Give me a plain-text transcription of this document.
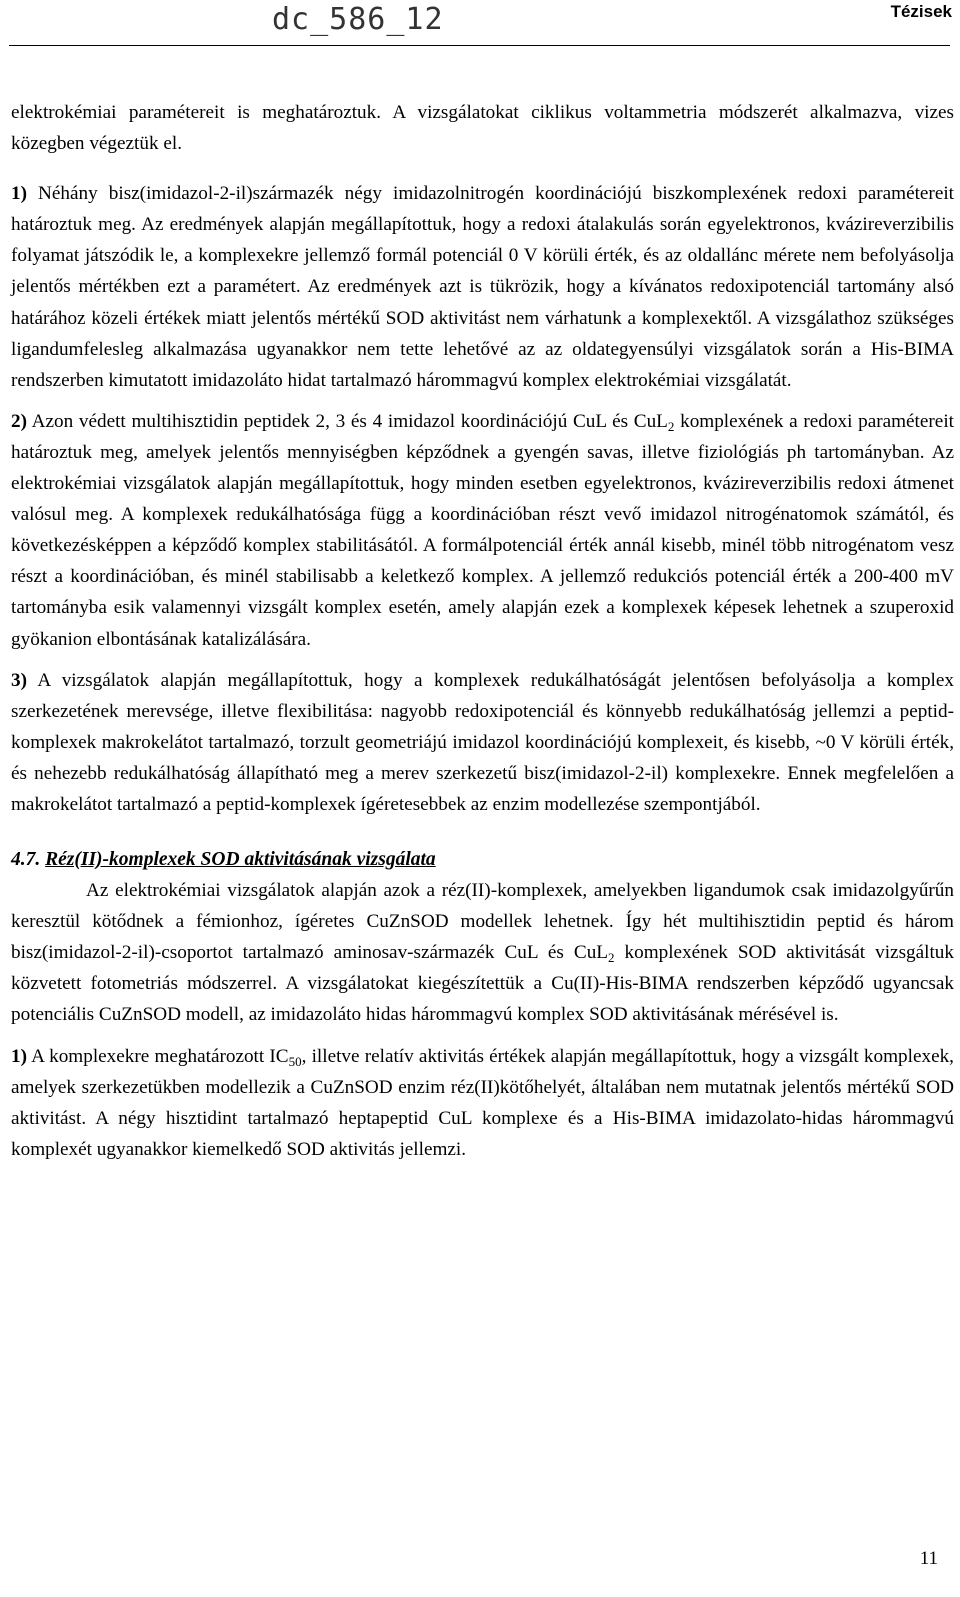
dc_586_12	Tézisek

elektrokémiai paramétereit is meghatároztuk. A vizsgálatokat ciklikus voltammetria módszerét alkalmazva, vizes közegben végeztük el.

1) Néhány bisz(imidazol-2-il)származék négy imidazolnitrogén koordinációjú biszkomplexének redoxi paramétereit határoztuk meg. Az eredmények alapján megállapítottuk, hogy a redoxi átalakulás során egyelektronos, kvázireverzibilis folyamat játszódik le, a komplexekre jellemző formál potenciál 0 V körüli érték, és az oldallánc mérete nem befolyásolja jelentős mértékben ezt a paramétert. Az eredmények azt is tükrözik, hogy a kívánatos redoxipotenciál tartomány alsó határához közeli értékek miatt jelentős mértékű SOD aktivitást nem várhatunk a komplexektől. A vizsgálathoz szükséges ligandumfelesleg alkalmazása ugyanakkor nem tette lehetővé az az oldategyensúlyi vizsgálatok során a His-BIMA rendszerben kimutatott imidazoláto hidat tartalmazó hárommagvú komplex elektrokémiai vizsgálatát.

2) Azon védett multihisztidin peptidek 2, 3 és 4 imidazol koordinációjú CuL és CuL$_2$ komplexének a redoxi paramétereit határoztuk meg, amelyek jelentős mennyiségben képződnek a gyengén savas, illetve fiziológiás ph tartományban. Az elektrokémiai vizsgálatok alapján megállapítottuk, hogy minden esetben egyelektronos, kvázireverzibilis redoxi átmenet valósul meg. A komplexek redukálhatósága függ a koordinációban részt vevő imidazol nitrogénatomok számától, és következésképpen a képződő komplex stabilitásától. A formálpotenciál érték annál kisebb, minél több nitrogénatom vesz részt a koordinációban, és minél stabilisabb a keletkező komplex. A jellemző redukciós potenciál érték a 200-400 mV tartományba esik valamennyi vizsgált komplex esetén, amely alapján ezek a komplexek képesek lehetnek a szuperoxid gyökanion elbontásának katalizálására.

3) A vizsgálatok alapján megállapítottuk, hogy a komplexek redukálhatóságát jelentősen befolyásolja a komplex szerkezetének merevsége, illetve flexibilitása: nagyobb redoxipotenciál és könnyebb redukálhatóság jellemzi a peptid-komplexek makrokelátot tartalmazó, torzult geometriájú imidazol koordinációjú komplexeit, és kisebb, ~0 V körüli érték, és nehezebb redukálhatóság állapítható meg a merev szerkezetű bisz(imidazol-2-il) komplexekre. Ennek megfelelően a makrokelátot tartalmazó a peptid-komplexek ígéretesebbek az enzim modellezése szempontjából.

4.7. Réz(II)-komplexek SOD aktivitásának vizsgálata

Az elektrokémiai vizsgálatok alapján azok a réz(II)-komplexek, amelyekben ligandumok csak imidazolgyűrűn keresztül kötődnek a fémionhoz, ígéretes CuZnSOD modellek lehetnek. Így hét multihisztidin peptid és három bisz(imidazol-2-il)-csoportot tartalmazó aminosav-származék CuL és CuL$_2$ komplexének SOD aktivitását vizsgáltuk közvetett fotometriás módszerrel. A vizsgálatokat kiegészítettük a Cu(II)-His-BIMA rendszerben képződő ugyancsak potenciális CuZnSOD modell, az imidazoláto hidas hárommagvú komplex SOD aktivitásának mérésével is.

1) A komplexekre meghatározott $IC_{50}$, illetve relatív aktivitás értékek alapján megállapítottuk, hogy a vizsgált komplexek, amelyek szerkezetükben modellezik a CuZnSOD enzim réz(II)kötőhelyét, általában nem mutatnak jelentős mértékű SOD aktivitást. A négy hisztidint tartalmazó heptapeptid CuL komplexe és a His-BIMA imidazolato-hidas hárommagvú komplexét ugyanakkor kiemelkedő SOD aktivitás jellemzi.

11
